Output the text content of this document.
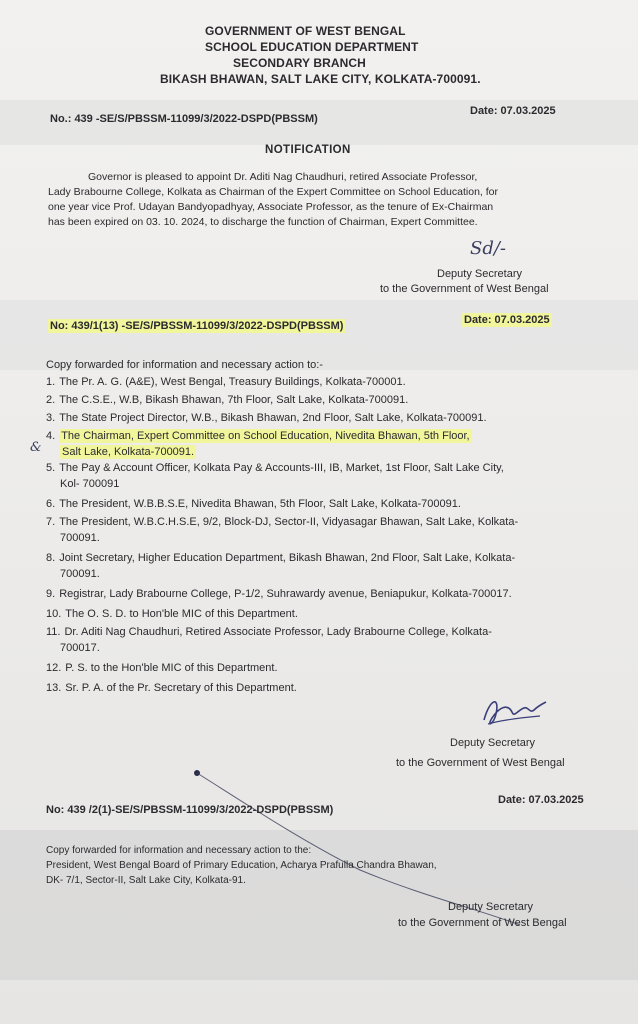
GOVERNMENT OF WEST BENGAL
SCHOOL EDUCATION DEPARTMENT
SECONDARY BRANCH
BIKASH BHAWAN, SALT LAKE CITY, KOLKATA-700091.
No.: 439 -SE/S/PBSSM-11099/3/2022-DSPD(PBSSM)
Date: 07.03.2025
NOTIFICATION
Governor is pleased to appoint Dr. Aditi Nag Chaudhuri, retired Associate Professor,
Lady Brabourne College, Kolkata as Chairman of the Expert Committee on School Education, for
one year vice Prof. Udayan Bandyopadhyay, Associate Professor, as the tenure of Ex-Chairman
has been expired on 03. 10. 2024, to discharge the function of Chairman, Expert Committee.
Sd/-
Deputy Secretary
to the Government of West Bengal
No: 439/1(13) -SE/S/PBSSM-11099/3/2022-DSPD(PBSSM)	Date: 07.03.2025
Copy forwarded for information and necessary action to:-
1. The Pr. A. G. (A&E), West Bengal, Treasury Buildings, Kolkata-700001.
2. The C.S.E., W.B, Bikash Bhawan, 7th Floor, Salt Lake, Kolkata-700091.
3. The State Project Director, W.B., Bikash Bhawan, 2nd Floor, Salt Lake, Kolkata-700091.
4. The Chairman, Expert Committee on School Education, Nivedita Bhawan, 5th Floor,
Salt Lake, Kolkata-700091.
5. The Pay & Account Officer, Kolkata Pay & Accounts-III, IB, Market, 1st Floor, Salt Lake City,
Kol- 700091
6. The President, W.B.B.S.E, Nivedita Bhawan, 5th Floor, Salt Lake, Kolkata-700091.
7. The President, W.B.C.H.S.E, 9/2, Block-DJ, Sector-II, Vidyasagar Bhawan, Salt Lake, Kolkata-
700091.
8. Joint Secretary, Higher Education Department, Bikash Bhawan, 2nd Floor, Salt Lake, Kolkata-
700091.
9. Registrar, Lady Brabourne College, P-1/2, Suhrawardy avenue, Beniapukur, Kolkata-700017.
10. The O. S. D. to Hon'ble MIC of this Department.
11. Dr. Aditi Nag Chaudhuri, Retired Associate Professor, Lady Brabourne College, Kolkata-
700017.
12. P. S. to the Hon'ble MIC of this Department.
13. Sr. P. A. of the Pr. Secretary of this Department.
&
Deputy Secretary
to the Government of West Bengal
No: 439 /2(1)-SE/S/PBSSM-11099/3/2022-DSPD(PBSSM)
Date: 07.03.2025
Copy forwarded for information and necessary action to the:
President, West Bengal Board of Primary Education, Acharya Prafulla Chandra Bhawan,
DK- 7/1, Sector-II, Salt Lake City, Kolkata-91.
Deputy Secretary
to the Government of West Bengal
